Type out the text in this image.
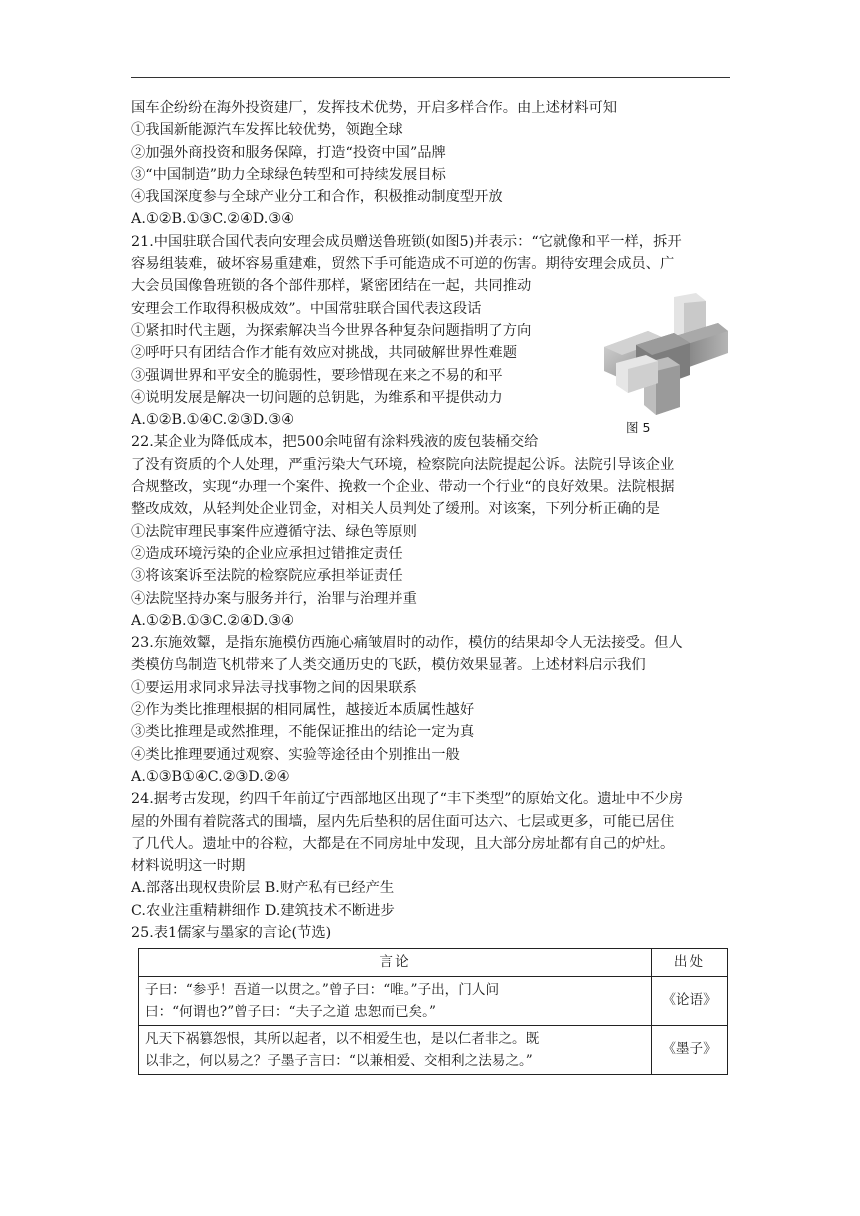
国车企纷纷在海外投资建厂，发挥技术优势，开启多样合作。由上述材料可知
①我国新能源汽车发挥比较优势，领跑全球
②加强外商投资和服务保障，打造“投资中国”品牌
③“中国制造”助力全球绿色转型和可持续发展目标
④我国深度参与全球产业分工和合作，积极推动制度型开放
A.①②B.①③C.②④D.③④
21.中国驻联合国代表向安理会成员赠送鲁班锁(如图5)并表示：“它就像和平一样，拆开
容易组装难，破坏容易重建难，贸然下手可能造成不可逆的伤害。期待安理会成员、广
大会员国像鲁班锁的各个部件那样，紧密团结在一起，共同推动
安理会工作取得积极成效”。中国常驻联合国代表这段话
①紧扣时代主题，为探索解决当今世界各种复杂问题指明了方向
②呼吁只有团结合作才能有效应对挑战，共同破解世界性难题
③强调世界和平安全的脆弱性，要珍惜现在来之不易的和平
④说明发展是解决一切问题的总钥匙，为维系和平提供动力
A.①②B.①④C.②③D.③④	图 5
22.某企业为降低成本，把500余吨留有涂料残液的废包装桶交给
了没有资质的个人处理，严重污染大气环境，检察院向法院提起公诉。法院引导该企业
合规整改，实现“办理一个案件、挽救一个企业、带动一个行业“的良好效果。法院根据
整改成效，从轻判处企业罚金，对相关人员判处了缓刑。对该案，下列分析正确的是
①法院审理民事案件应遵循守法、绿色等原则
②造成环境污染的企业应承担过错推定责任
③将该案诉至法院的检察院应承担举证责任
④法院坚持办案与服务并行，治罪与治理并重
A.①②B.①③C.②④D.③④
23.东施效颦，是指东施模仿西施心痛皱眉时的动作，模仿的结果却令人无法接受。但人
类模仿鸟制造飞机带来了人类交通历史的飞跃，模仿效果显著。上述材料启示我们
①要运用求同求异法寻找事物之间的因果联系
②作为类比推理根据的相同属性，越接近本质属性越好
③类比推理是或然推理，不能保证推出的结论一定为真
④类比推理要通过观察、实验等途径由个别推出一般
A.①③B①④C.②③D.②④
24.据考古发现，约四千年前辽宁西部地区出现了“丰下类型”的原始文化。遗址中不少房
屋的外围有着院落式的围墙，屋内先后垫积的居住面可达六、七层或更多，可能已居住
了几代人。遗址中的谷粒，大都是在不同房址中发现，且大部分房址都有自己的炉灶。
材料说明这一时期
A.部落出现权贵阶层 B.财产私有已经产生
C.农业注重精耕细作 D.建筑技术不断进步
25.表1儒家与墨家的言论(节选)
言论	出处

子曰：“参乎！吾道一以贯之。”曾子曰：“唯。”子出，门人问
曰：“何谓也?”曾子曰：“夫子之道 忠恕而已矣。”	《论语》

凡天下祸篡怨恨，其所以起者，以不相爱生也，是以仁者非之。既
以非之，何以易之？子墨子言曰：“以兼相爱、交相利之法易之。”	《墨子》
